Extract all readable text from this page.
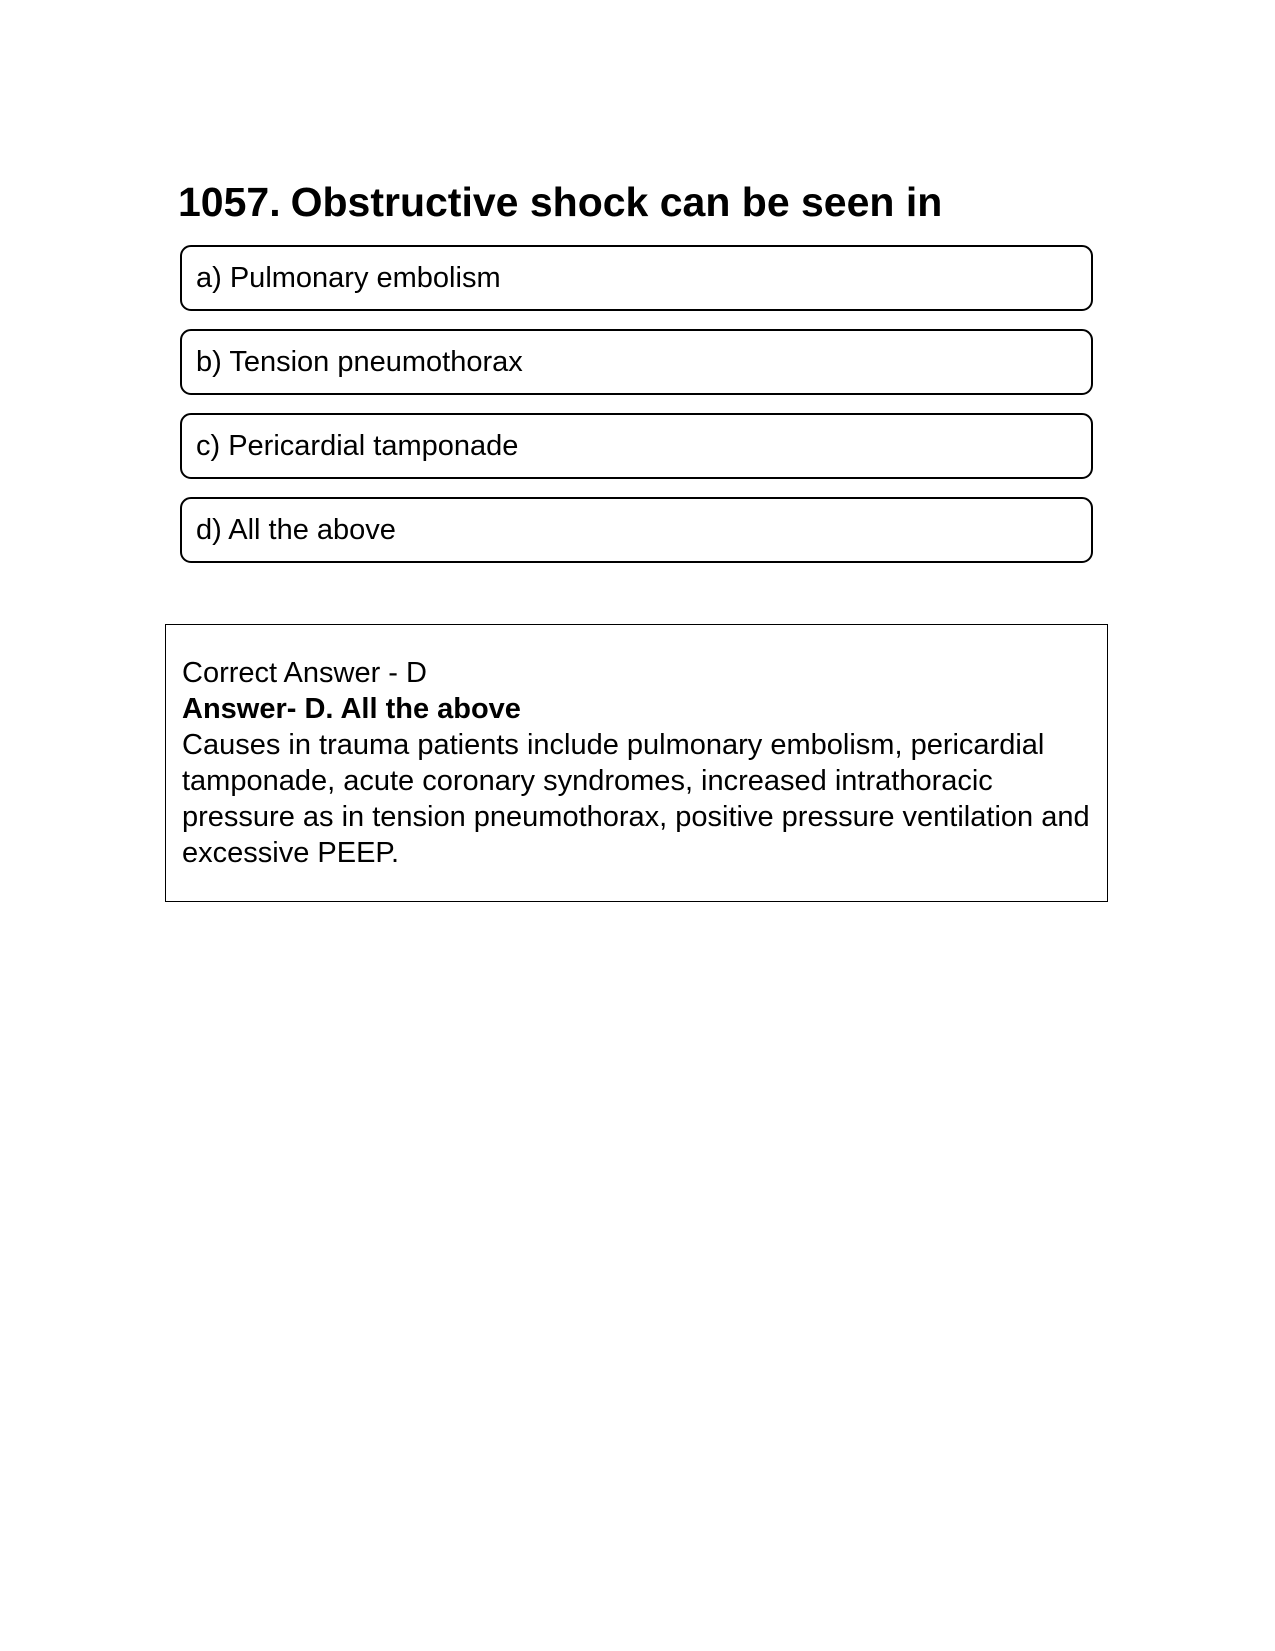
1057. Obstructive shock can be seen in
a) Pulmonary embolism
b) Tension pneumothorax
c) Pericardial tamponade
d) All the above
Correct Answer - D
Answer- D. All the above
Causes in trauma patients include pulmonary embolism, pericardial tamponade, acute coronary syndromes, increased intrathoracic pressure as in tension pneumothorax, positive pressure ventilation and excessive PEEP.
